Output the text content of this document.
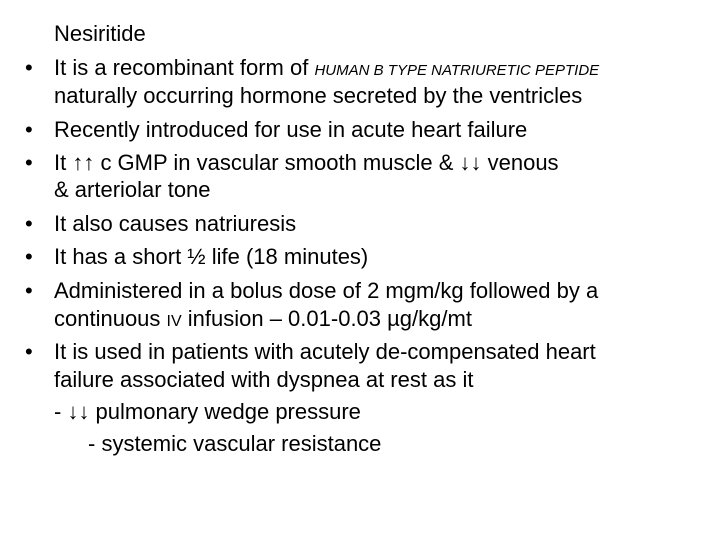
Nesiritide
• It is a recombinant form of HUMAN B TYPE NATRIURETIC PEPTIDE
naturally occurring hormone secreted by the ventricles
• Recently introduced for use in acute heart failure
• It ↑↑ c GMP in vascular smooth muscle & ↓↓ venous
& arteriolar tone
• It also causes natriuresis
• It has a short ½ life (18 minutes)
• Administered in a bolus dose of 2 mgm/kg followed by a
continuous IV infusion – 0.01-0.03 µg/kg/mt
• It is used in patients with acutely de-compensated heart
failure associated with dyspnea at rest as it
- ↓↓ pulmonary wedge pressure
- systemic vascular resistance
